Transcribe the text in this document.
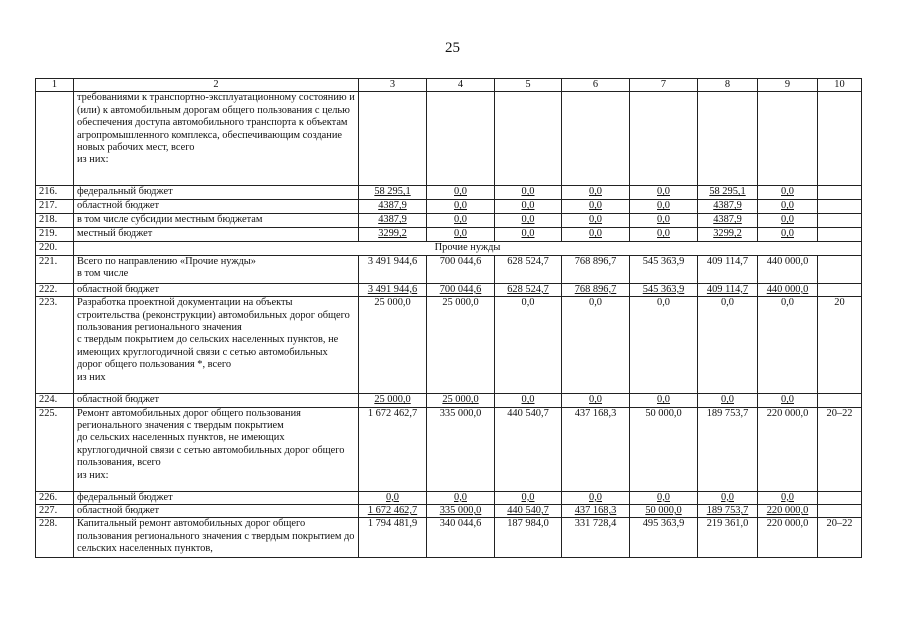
25
1	2	3	4	5	6	7	8	9	10
	требованиями к транспортно-эксплуатационному состоянию и (или) к автомобильным дорогам общего пользования с целью обеспечения доступа автомобильного транспорта к объектам агропромышленного комплекса, обеспечивающим создание новых рабочих мест, всего
из них:								
216.	федеральный бюджет	58 295,1	0,0	0,0	0,0	0,0	58 295,1	0,0	
217.	областной бюджет	4387,9	0,0	0,0	0,0	0,0	4387,9	0,0	
218.	в том числе субсидии местным бюджетам	4387,9	0,0	0,0	0,0	0,0	4387,9	0,0	
219.	местный бюджет	3299,2	0,0	0,0	0,0	0,0	3299,2	0,0	
220.	Прочие нужды								
221.	Всего по направлению «Прочие нужды»
в том числе	3 491 944,6	700 044,6	628 524,7	768 896,7	545 363,9	409 114,7	440 000,0	
222.	областной бюджет	3 491 944,6	700 044,6	628 524,7	768 896,7	545 363,9	409 114,7	440 000,0	
223.	Разработка проектной документации на объекты строительства (реконструкции) автомобильных дорог общего пользования регионального значения
с твердым покрытием до сельских населенных пунктов, не имеющих круглогодичной связи с сетью автомобильных дорог общего пользования *, всего
из них	25 000,0	25 000,0	0,0	0,0	0,0	0,0	0,0	20
224.	областной бюджет	25 000,0	25 000,0	0,0	0,0	0,0	0,0	0,0	
225.	Ремонт автомобильных дорог общего пользования регионального значения с твердым покрытием
до сельских населенных пунктов, не имеющих круглогодичной связи с сетью автомобильных дорог общего пользования, всего
из них:	1 672 462,7	335 000,0	440 540,7	437 168,3	50 000,0	189 753,7	220 000,0	20–22
226.	федеральный бюджет	0,0	0,0	0,0	0,0	0,0	0,0	0,0	
227.	областной бюджет	1 672 462,7	335 000,0	440 540,7	437 168,3	50 000,0	189 753,7	220 000,0	
228.	Капитальный ремонт автомобильных дорог общего пользования регионального значения с твердым покрытием до сельских населенных пунктов,	1 794 481,9	340 044,6	187 984,0	331 728,4	495 363,9	219 361,0	220 000,0	20–22
